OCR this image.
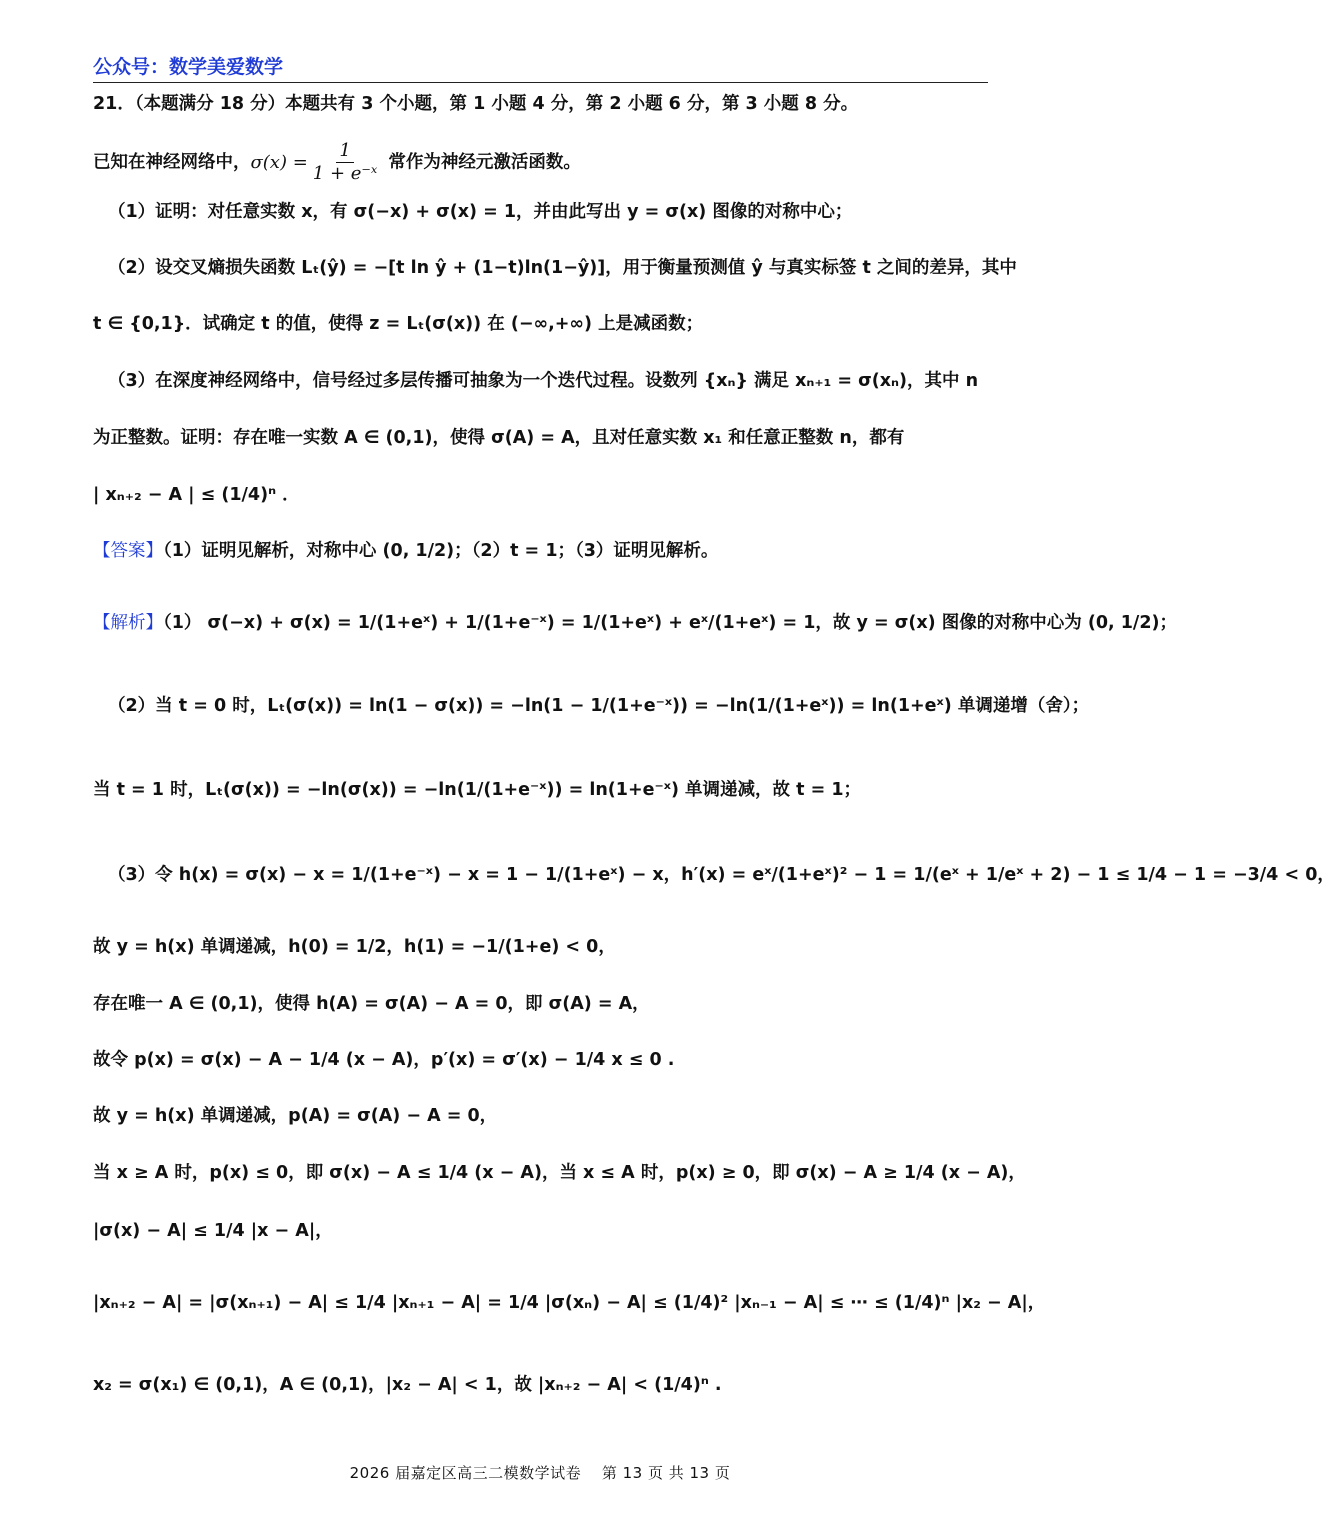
公众号：数学美爱数学
21．（本题满分 18 分）本题共有 3 个小题，第 1 小题 4 分，第 2 小题 6 分，第 3 小题 8 分。
已知在神经网络中，$\sigma(x) = \frac{1}{\text{1 + e⁻ˣ}}$ 常作为神经元激活函数。
（1）证明：对任意实数 x，有 σ(−x) + σ(x) = 1，并由此写出 y = σ(x) 图像的对称中心；
（2）设交叉熵损失函数 Lₜ(ŷ) = −[t ln ŷ + (1−t)ln(1−ŷ)]，用于衡量预测值 ŷ 与真实标签 t 之间的差异，其中
t ∈ {0,1}．试确定 t 的值，使得 z = Lₜ(σ(x)) 在 (−∞,+∞) 上是减函数；
（3）在深度神经网络中，信号经过多层传播可抽象为一个迭代过程。设数列 {xₙ} 满足 xₙ₊₁ = σ(xₙ)，其中 n
为正整数。证明：存在唯一实数 A ∈ (0,1)，使得 σ(A) = A，且对任意实数 x₁ 和任意正整数 n，都有
| xₙ₊₂ − A | ≤ (1/4)ⁿ ．
【答案】（1）证明见解析，对称中心 (0, 1/2)；（2）t = 1；（3）证明见解析。
【解析】（1） σ(−x) + σ(x) = 1/(1+eˣ) + 1/(1+e⁻ˣ) = 1/(1+eˣ) + eˣ/(1+eˣ) = 1，故 y = σ(x) 图像的对称中心为 (0, 1/2)；
（2）当 t = 0 时，Lₜ(σ(x)) = ln(1 − σ(x)) = −ln(1 − 1/(1+e⁻ˣ)) = −ln(1/(1+eˣ)) = ln(1+eˣ) 单调递增（舍）；
当 t = 1 时，Lₜ(σ(x)) = −ln(σ(x)) = −ln(1/(1+e⁻ˣ)) = ln(1+e⁻ˣ) 单调递减，故 t = 1；
（3）令 h(x) = σ(x) − x = 1/(1+e⁻ˣ) − x = 1 − 1/(1+eˣ) − x，h′(x) = eˣ/(1+eˣ)² − 1 = 1/(eˣ + 1/eˣ + 2) − 1 ≤ 1/4 − 1 = −3/4 < 0，
故 y = h(x) 单调递减，h(0) = 1/2，h(1) = −1/(1+e) < 0，
存在唯一 A ∈ (0,1)，使得 h(A) = σ(A) − A = 0，即 σ(A) = A，
故令 p(x) = σ(x) − A − 1/4 (x − A)，p′(x) = σ′(x) − 1/4 x ≤ 0 .
故 y = h(x) 单调递减，p(A) = σ(A) − A = 0，
当 x ≥ A 时，p(x) ≤ 0，即 σ(x) − A ≤ 1/4 (x − A)，当 x ≤ A 时，p(x) ≥ 0，即 σ(x) − A ≥ 1/4 (x − A)，
|σ(x) − A| ≤ 1/4 |x − A|，
|xₙ₊₂ − A| = |σ(xₙ₊₁) − A| ≤ 1/4 |xₙ₊₁ − A| = 1/4 |σ(xₙ) − A| ≤ (1/4)² |xₙ₋₁ − A| ≤ ⋯ ≤ (1/4)ⁿ |x₂ − A|，
x₂ = σ(x₁) ∈ (0,1)，A ∈ (0,1)，|x₂ − A| < 1，故 |xₙ₊₂ − A| < (1/4)ⁿ .
2026 届嘉定区高三二模数学试卷　 第 13 页 共 13 页
